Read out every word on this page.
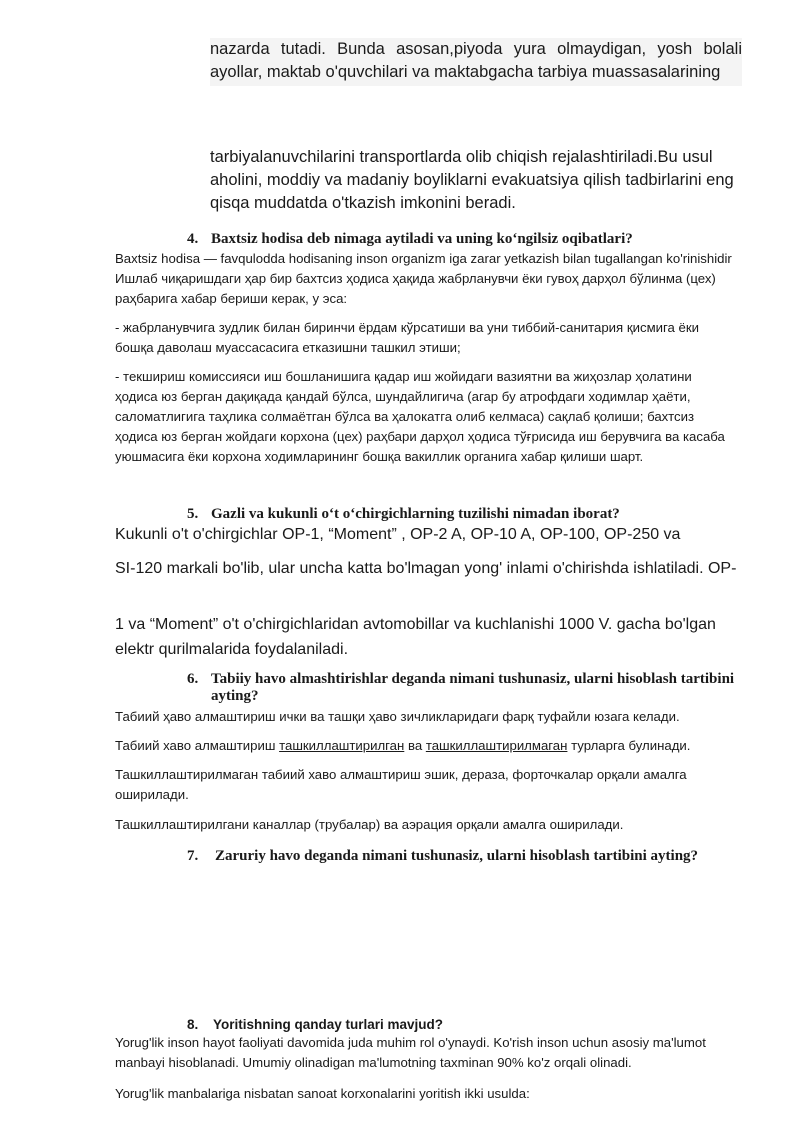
nazarda tutadi. Bunda asosan,piyoda yura olmaydigan, yosh bolali ayollar, maktab o'quvchilari va maktabgacha tarbiya muassasalarining
tarbiyalanuvchilarini transportlarda olib chiqish rejalashtiriladi.Bu usul aholini, moddiy va madaniy boyliklarni evakuatsiya qilish tadbirlarini eng qisqa muddatda o'tkazish imkonini beradi.
4. Baxtsiz hodisa deb nimaga aytiladi va uning ko‘ngilsiz oqibatlari?

Baxtsiz hodisa — favqulodda hodisaning inson organizm iga zarar yetkazish bilan tugallangan ko'rinishidir Ишлаб чиқаришдаги ҳар бир бахтсиз ҳодиса ҳақида жабрланувчи ёки гувоҳ дарҳол бўлинма (цех) раҳбарига хабар бериши керак, у эса:

- жабрланувчига зудлик билан биринчи ёрдам кўрсатиши ва уни тиббий-санитария қисмига ёки бошқа даволаш муассасасига етказишни ташкил этиши;

- текшириш комиссияси иш бошланишига қадар иш жойидаги вазиятни ва жиҳозлар ҳолатини ҳодиса юз берган дақиқада қандай бўлса, шундайлигича (агар бу атрофдаги ходимлар ҳаёти, саломатлигига таҳлика солмаётган бўлса ва ҳалокатга олиб келмаса) сақлаб қолиши; бахтсиз ҳодиса юз берган жойдаги корхона (цех) раҳбари дарҳол ҳодиса тўғрисида иш берувчига ва касаба уюшмасига ёки корхона ходимларининг бошқа вакиллик органига хабар қилиши шарт.

5. Gazli va kukunli o‘t o‘chirgichlarning tuzilishi nimadan iborat?

Kukunli o't o'chirgichlar OP-1, “Moment” , OP-2 A, OP-10 A, OP-100, OP-250 va

SI-120 markali bo'lib, ular uncha katta bo'lmagan yong' inlami o'chirishda ishlatiladi. OP-

1 va “Moment” o't o'chirgichlaridan avtomobillar va kuchlanishi 1000 V. gacha bo'lgan elektr qurilmalarida foydalaniladi.

6. Tabiiy havo almashtirishlar deganda nimani tushunasiz, ularni hisoblash tartibini ayting?

Табиий ҳаво алмаштириш ички ва ташқи ҳаво зичликларидаги фарқ туфайли юзага келади.

Табиий хаво алмаштириш ташкиллаштирилган ва ташкиллаштирилмаган турларга булинади.

Ташкиллаштирилмаган табиий хаво алмаштириш эшик, дераза, форточкалар орқали амалга оширилади.

Ташкиллаштирилгани каналлар (трубалар) ва аэрация орқали амалга оширилади.

7. Zaruriy havo deganda nimani tushunasiz, ularni hisoblash tartibini ayting?
8. Yoritishning qanday turlari mavjud?

Yorug'lik inson hayot faoliyati davomida juda muhim rol o'ynaydi. Ko'rish inson uchun asosiy ma'lumot manbayi hisoblanadi. Umumiy olinadigan ma'lumotning taxminan 90% ko'z orqali olinadi.

Yorug'lik manbalariga nisbatan sanoat korxonalarini yoritish ikki usulda:
